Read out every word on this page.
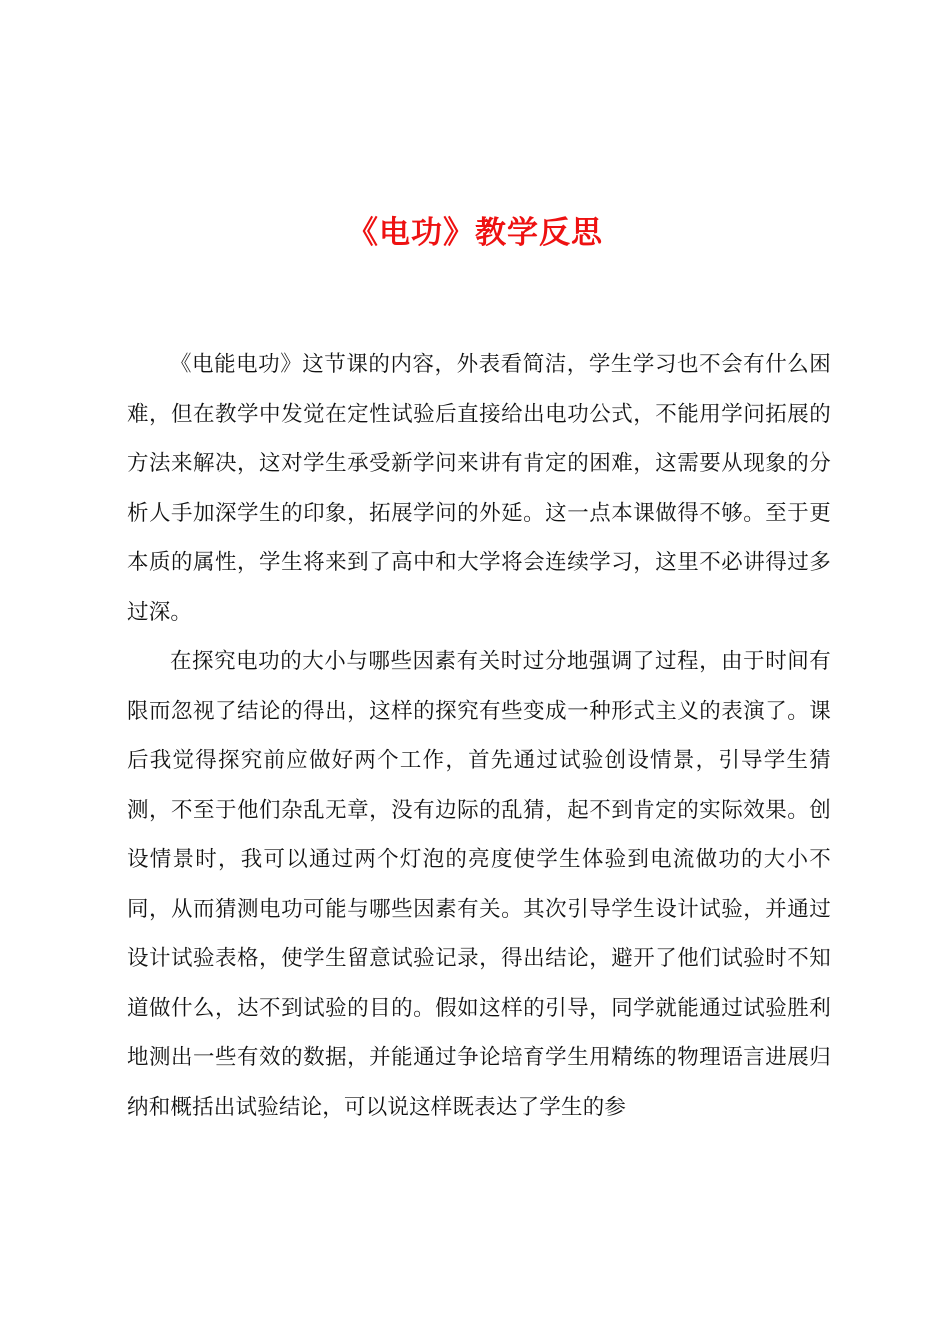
《电功》教学反思

《电能电功》这节课的内容，外表看简洁，学生学习也不会有什么困难，但在教学中发觉在定性试验后直接给出电功公式，不能用学问拓展的方法来解决，这对学生承受新学问来讲有肯定的困难，这需要从现象的分析人手加深学生的印象，拓展学问的外延。这一点本课做得不够。至于更本质的属性，学生将来到了高中和大学将会连续学习，这里不必讲得过多过深。

在探究电功的大小与哪些因素有关时过分地强调了过程，由于时间有限而忽视了结论的得出，这样的探究有些变成一种形式主义的表演了。课后我觉得探究前应做好两个工作，首先通过试验创设情景，引导学生猜测，不至于他们杂乱无章，没有边际的乱猜，起不到肯定的实际效果。创设情景时，我可以通过两个灯泡的亮度使学生体验到电流做功的大小不同，从而猜测电功可能与哪些因素有关。其次引导学生设计试验，并通过设计试验表格，使学生留意试验记录，得出结论，避开了他们试验时不知道做什么，达不到试验的目的。假如这样的引导，同学就能通过试验胜利地测出一些有效的数据，并能通过争论培育学生用精练的物理语言进展归纳和概括出试验结论，可以说这样既表达了学生的参
